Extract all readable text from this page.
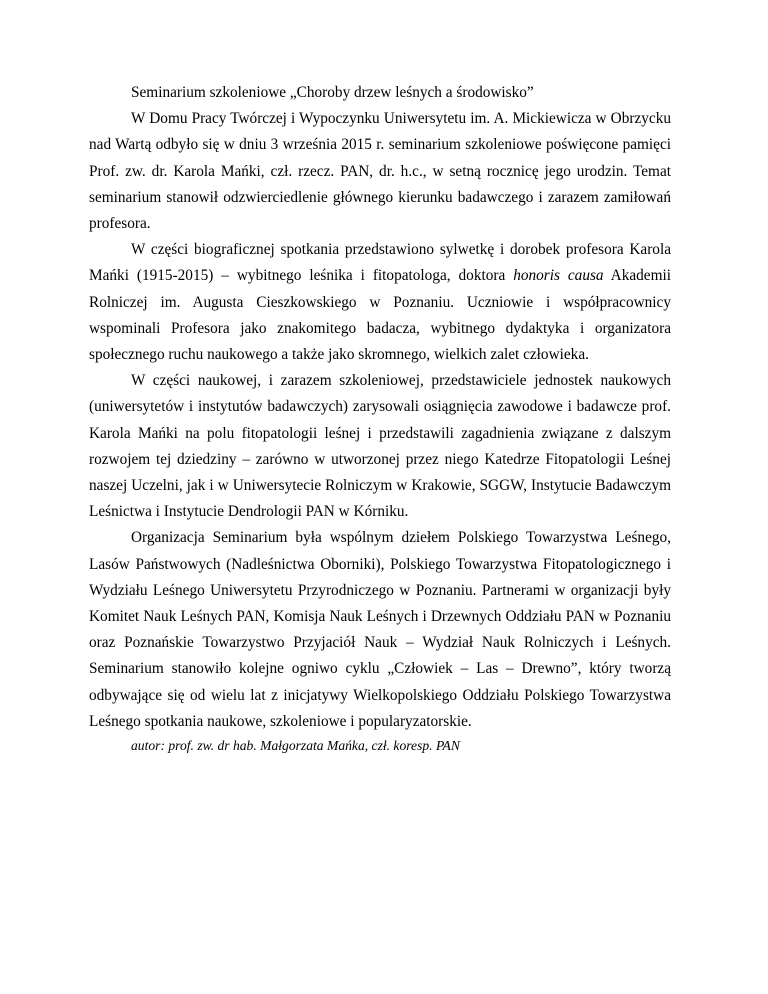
Seminarium szkoleniowe „Choroby drzew leśnych a środowisko”

W Domu Pracy Twórczej i Wypoczynku Uniwersytetu im. A. Mickiewicza w Obrzycku nad Wartą odbyło się w dniu 3 września 2015 r. seminarium szkoleniowe poświęcone pamięci Prof. zw. dr. Karola Mańki, czł. rzecz. PAN, dr. h.c., w setną rocznicę jego urodzin. Temat seminarium stanowił odzwierciedlenie głównego kierunku badawczego i zarazem zamiłowań profesora.

W części biograficznej spotkania przedstawiono sylwetkę i dorobek profesora Karola Mańki (1915-2015) – wybitnego leśnika i fitopatologa, doktora honoris causa Akademii Rolniczej im. Augusta Cieszkowskiego w Poznaniu. Uczniowie i współpracownicy wspominali Profesora jako znakomitego badacza, wybitnego dydaktyka i organizatora społecznego ruchu naukowego a także jako skromnego, wielkich zalet człowieka.

W części naukowej, i zarazem szkoleniowej, przedstawiciele jednostek naukowych (uniwersytetów i instytutów badawczych) zarysowali osiągnięcia zawodowe i badawcze prof. Karola Mańki na polu fitopatologii leśnej i przedstawili zagadnienia związane z dalszym rozwojem tej dziedziny – zarówno w utworzonej przez niego Katedrze Fitopatologii Leśnej naszej Uczelni, jak i w Uniwersytecie Rolniczym w Krakowie, SGGW, Instytucie Badawczym Leśnictwa i Instytucie Dendrologii PAN w Kórniku.

Organizacja Seminarium była wspólnym dziełem Polskiego Towarzystwa Leśnego, Lasów Państwowych (Nadleśnictwa Oborniki), Polskiego Towarzystwa Fitopatologicznego i Wydziału Leśnego Uniwersytetu Przyrodniczego w Poznaniu. Partnerami w organizacji były Komitet Nauk Leśnych PAN, Komisja Nauk Leśnych i Drzewnych Oddziału PAN w Poznaniu oraz Poznańskie Towarzystwo Przyjaciół Nauk – Wydział Nauk Rolniczych i Leśnych. Seminarium stanowiło kolejne ogniwo cyklu „Człowiek – Las – Drewno”, który tworzą odbywające się od wielu lat z inicjatywy Wielkopolskiego Oddziału Polskiego Towarzystwa Leśnego spotkania naukowe, szkoleniowe i popularyzatorskie.

autor: prof. zw. dr hab. Małgorzata Mańka, czł. koresp. PAN
